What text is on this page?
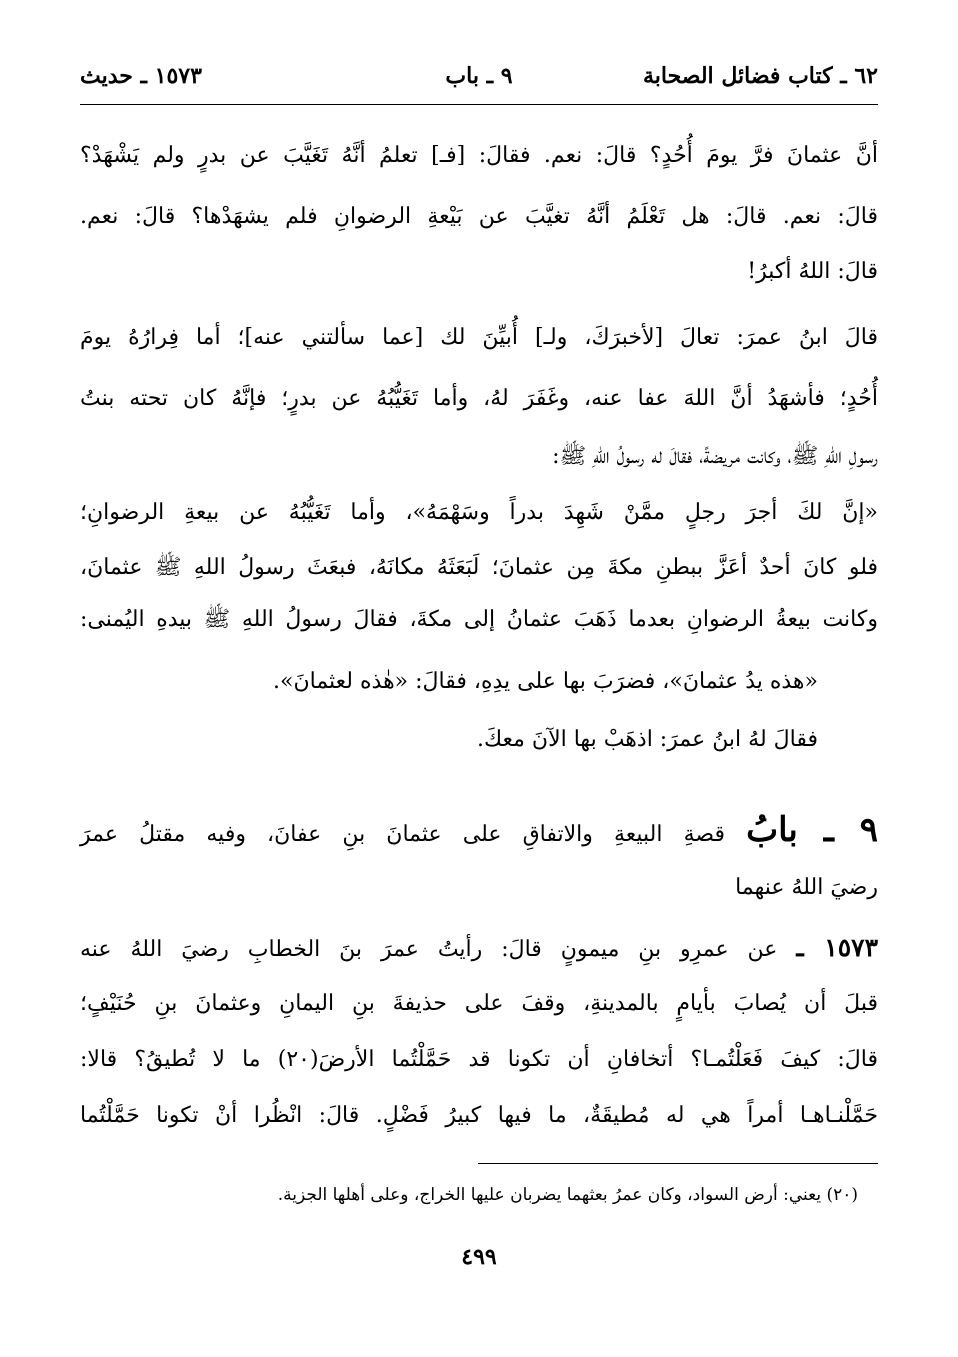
٦٢ ـ كتاب فضائل الصحابة
٩ ـ باب
١٥٧٣ ـ حديث
أنَّ عثمانَ فرَّ يومَ أُحُدٍ؟ قالَ: نعم. فقالَ: [فـ] تعلمُ أنَّهُ تَغَيَّبَ عن بدرٍ ولم يَشْهَدْ؟
قالَ: نعم. قالَ: هل تَعْلَمُ أنَّهُ تغيَّبَ عن بَيْعةِ الرضوانِ فلم يشهَدْها؟ قالَ: نعم.
قالَ: اللهُ أكبرُ!
قالَ ابنُ عمرَ: تعالَ [لأخبرَكَ، ولـ] أُبيِّنَ لك [عما سألتني عنه]؛ أما فِرارُهُ يومَ
أُحُدٍ؛ فأشهَدُ أنَّ اللهَ عفا عنه، وغَفَرَ لهُ، وأما تَغَيُّبُهُ عن بدرٍ؛ فإنَّهُ كان تحته بنتُ
رسولِ اللهِ ﷺ، وكانت مريضةً، فقالَ له رسولُ اللهِ ﷺ:
«إنَّ لكَ أجرَ رجلٍ ممَّنْ شَهِدَ بدراً وسَهْمَهُ»، وأما تَغَيُّبُهُ عن بيعةِ الرضوانِ؛
فلو كانَ أحدٌ أعَزَّ ببطنِ مكةَ مِن عثمانَ؛ لَبَعَثَهُ مكانَهُ، فبعَثَ رسولُ اللهِ ﷺ عثمانَ،
وكانت بيعةُ الرضوانِ بعدما ذَهَبَ عثمانُ إلى مكةَ، فقالَ رسولُ اللهِ ﷺ بيدهِ اليُمنى:
«هذه يدُ عثمانَ»، فضرَبَ بها على يدِهِ، فقالَ: «هٰذه لعثمانَ».
فقالَ لهُ ابنُ عمرَ: اذهَبْ بها الآنَ معكَ.
٩ ـ بابُ قصةِ البيعةِ والاتفاقِ على عثمانَ بنِ عفانَ، وفيه مقتلُ عمرَ
رضيَ اللهُ عنهما
١٥٧٣ ـ عن عمرِو بنِ ميمونٍ قالَ: رأيتُ عمرَ بنَ الخطابِ رضيَ اللهُ عنه
قبلَ أن يُصابَ بأيامٍ بالمدينةِ، وقفَ على حذيفةَ بنِ اليمانِ وعثمانَ بنِ حُنَيْفٍ؛
قالَ: كيفَ فَعَلْتُمـا؟ أتخافانِ أن تكونا قد حَمَّلْتُما الأرضَ(٢٠) ما لا تُطيقُ؟ قالا:
حَمَّلْنـاهـا أمراً هي له مُطيقَةٌ، ما فيها كبيرُ فَضْلٍ. قالَ: انْظُرا أنْ تكونا حَمَّلْتُما
(٢٠) يعني: أرض السواد، وكان عمرُ بعثهما يضربان عليها الخراج، وعلى أهلها الجزية.
٤٩٩
